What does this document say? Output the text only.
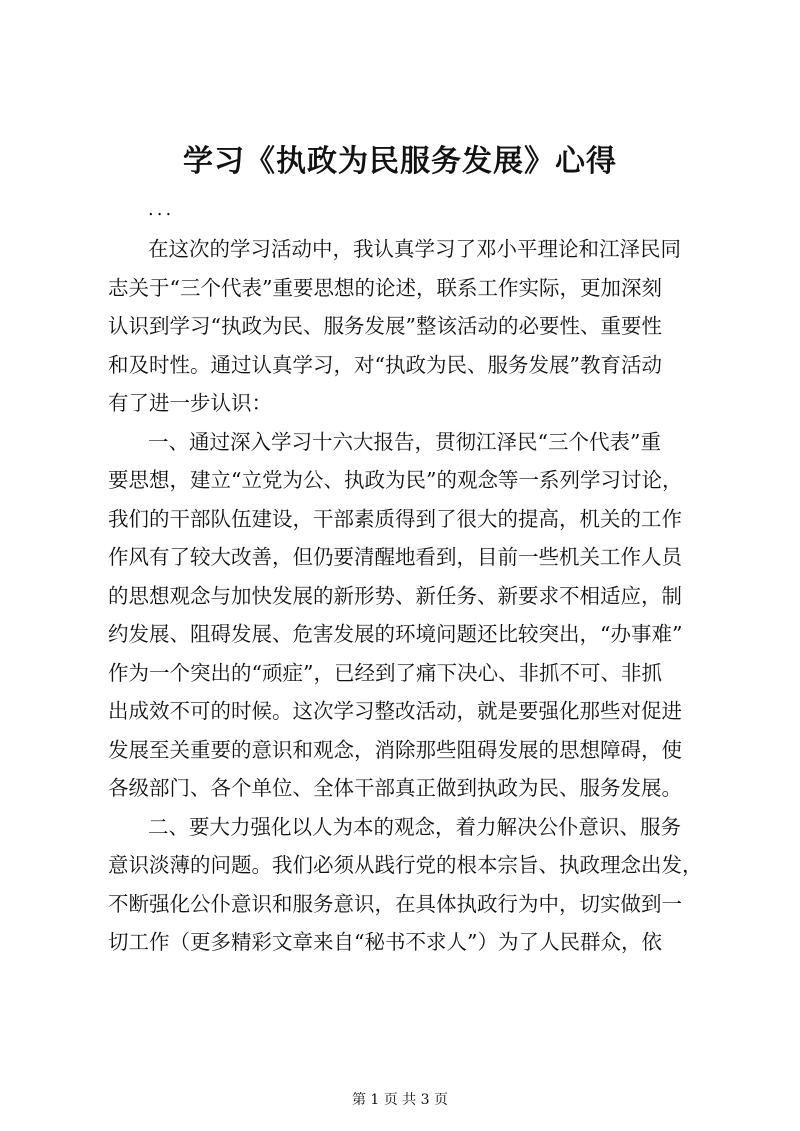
学习《执政为民服务发展》心得
...
在这次的学习活动中，我认真学习了邓小平理论和江泽民同
志关于“三个代表”重要思想的论述，联系工作实际，更加深刻
认识到学习“执政为民、服务发展”整该活动的必要性、重要性
和及时性。通过认真学习，对“执政为民、服务发展”教育活动
有了进一步认识：
一、通过深入学习十六大报告，贯彻江泽民“三个代表”重
要思想，建立“立党为公、执政为民”的观念等一系列学习讨论，
我们的干部队伍建设，干部素质得到了很大的提高，机关的工作
作风有了较大改善，但仍要清醒地看到，目前一些机关工作人员
的思想观念与加快发展的新形势、新任务、新要求不相适应，制
约发展、阻碍发展、危害发展的环境问题还比较突出，“办事难”
作为一个突出的“顽症”，已经到了痛下决心、非抓不可、非抓
出成效不可的时候。这次学习整改活动，就是要强化那些对促进
发展至关重要的意识和观念，消除那些阻碍发展的思想障碍，使
各级部门、各个单位、全体干部真正做到执政为民、服务发展。
二、要大力强化以人为本的观念，着力解决公仆意识、服务
意识淡薄的问题。我们必须从践行党的根本宗旨、执政理念出发，
不断强化公仆意识和服务意识，在具体执政行为中，切实做到一
切工作（更多精彩文章来自“秘书不求人”）为了人民群众，依
第 1 页 共 3 页
